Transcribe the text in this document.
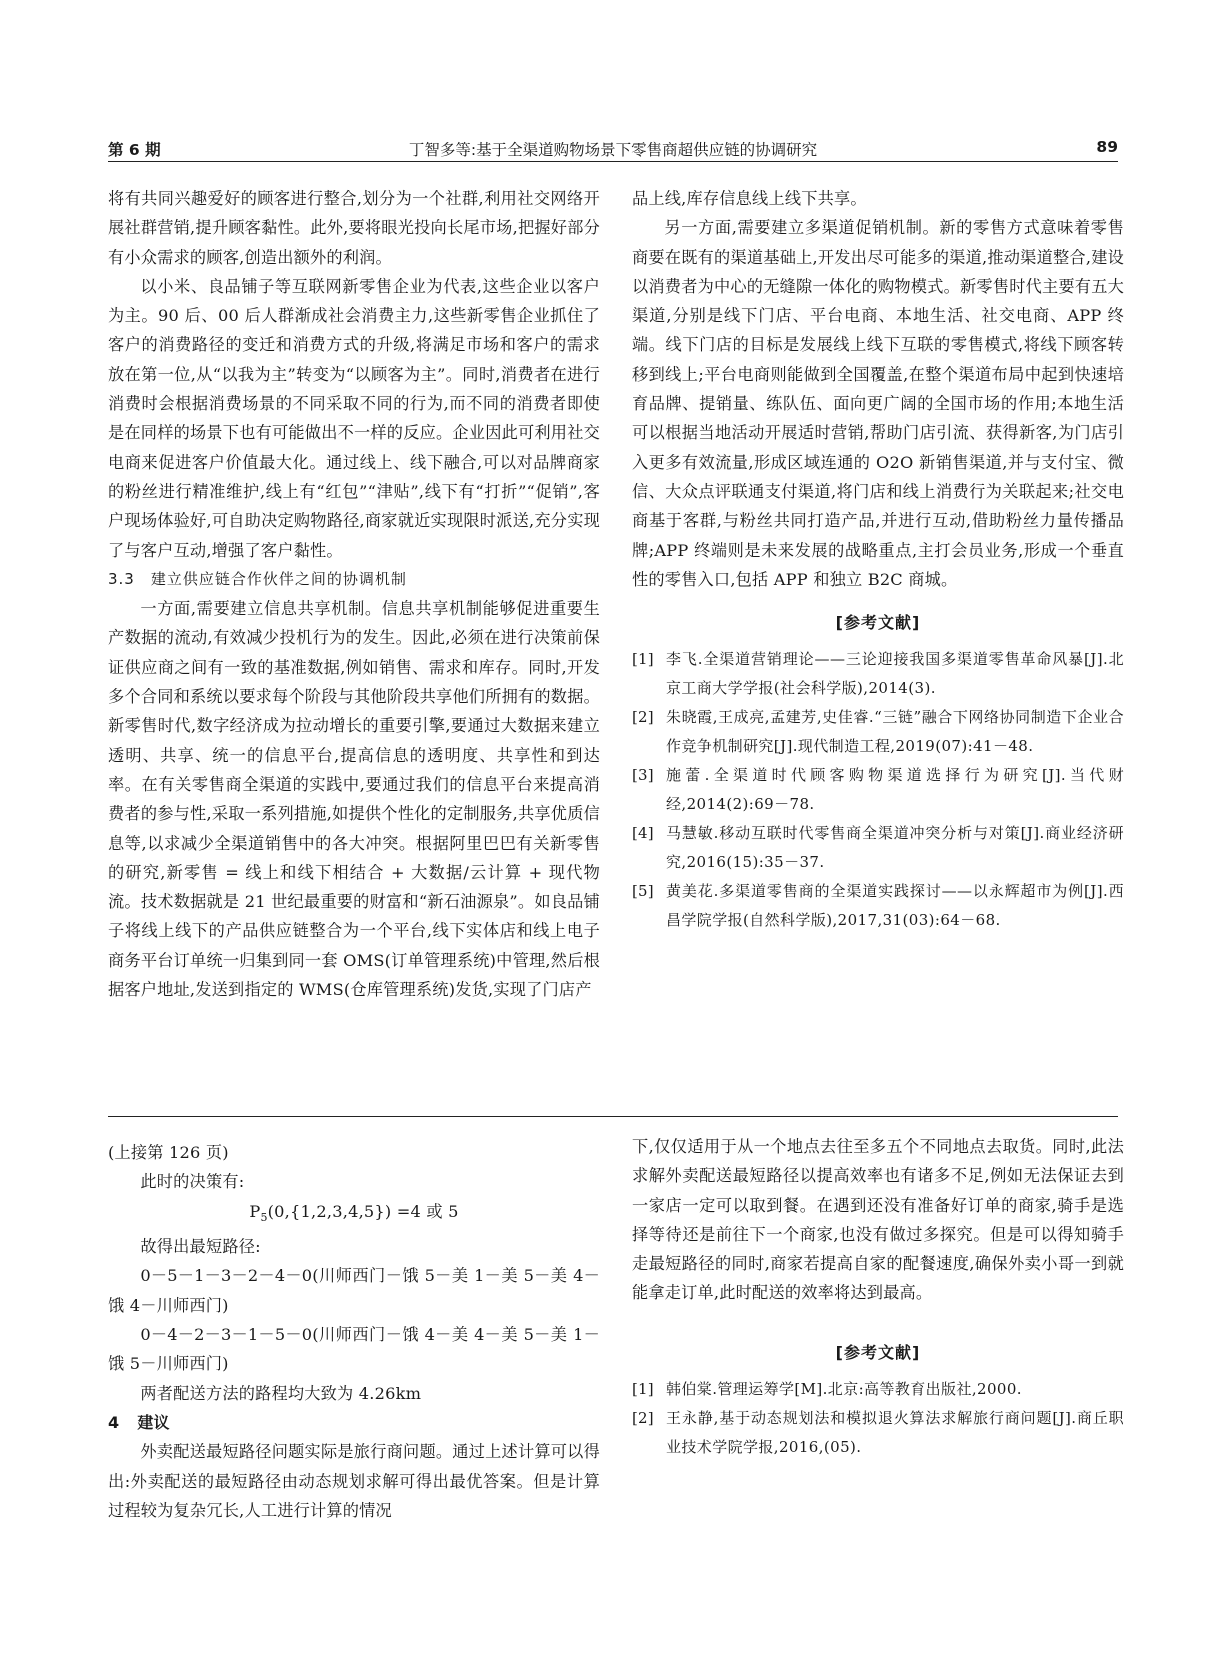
第 6 期	丁智多等:基于全渠道购物场景下零售商超供应链的协调研究	89
将有共同兴趣爱好的顾客进行整合,划分为一个社群,利用社交网络开展社群营销,提升顾客黏性。此外,要将眼光投向长尾市场,把握好部分有小众需求的顾客,创造出额外的利润。
以小米、良品铺子等互联网新零售企业为代表,这些企业以客户为主。90 后、00 后人群渐成社会消费主力,这些新零售企业抓住了客户的消费路径的变迁和消费方式的升级,将满足市场和客户的需求放在第一位,从“以我为主”转变为“以顾客为主”。同时,消费者在进行消费时会根据消费场景的不同采取不同的行为,而不同的消费者即使是在同样的场景下也有可能做出不一样的反应。企业因此可利用社交电商来促进客户价值最大化。通过线上、线下融合,可以对品牌商家的粉丝进行精准维护,线上有“红包”“津贴”,线下有“打折”“促销”,客户现场体验好,可自助决定购物路径,商家就近实现限时派送,充分实现了与客户互动,增强了客户黏性。
3.3　建立供应链合作伙伴之间的协调机制
一方面,需要建立信息共享机制。信息共享机制能够促进重要生产数据的流动,有效减少投机行为的发生。因此,必须在进行决策前保证供应商之间有一致的基准数据,例如销售、需求和库存。同时,开发多个合同和系统以要求每个阶段与其他阶段共享他们所拥有的数据。新零售时代,数字经济成为拉动增长的重要引擎,要通过大数据来建立透明、共享、统一的信息平台,提高信息的透明度、共享性和到达率。在有关零售商全渠道的实践中,要通过我们的信息平台来提高消费者的参与性,采取一系列措施,如提供个性化的定制服务,共享优质信息等,以求减少全渠道销售中的各大冲突。根据阿里巴巴有关新零售的研究,新零售 = 线上和线下相结合 + 大数据/云计算 + 现代物流。技术数据就是 21 世纪最重要的财富和“新石油源泉”。如良品铺子将线上线下的产品供应链整合为一个平台,线下实体店和线上电子商务平台订单统一归集到同一套 OMS(订单管理系统)中管理,然后根据客户地址,发送到指定的 WMS(仓库管理系统)发货,实现了门店产
品上线,库存信息线上线下共享。
另一方面,需要建立多渠道促销机制。新的零售方式意味着零售商要在既有的渠道基础上,开发出尽可能多的渠道,推动渠道整合,建设以消费者为中心的无缝隙一体化的购物模式。新零售时代主要有五大渠道,分别是线下门店、平台电商、本地生活、社交电商、APP 终端。线下门店的目标是发展线上线下互联的零售模式,将线下顾客转移到线上;平台电商则能做到全国覆盖,在整个渠道布局中起到快速培育品牌、提销量、练队伍、面向更广阔的全国市场的作用;本地生活可以根据当地活动开展适时营销,帮助门店引流、获得新客,为门店引入更多有效流量,形成区域连通的 O2O 新销售渠道,并与支付宝、微信、大众点评联通支付渠道,将门店和线上消费行为关联起来;社交电商基于客群,与粉丝共同打造产品,并进行互动,借助粉丝力量传播品牌;APP 终端则是未来发展的战略重点,主打会员业务,形成一个垂直性的零售入口,包括 APP 和独立 B2C 商城。
[参考文献]
[1] 李飞.全渠道营销理论——三论迎接我国多渠道零售革命风暴[J].北京工商大学学报(社会科学版),2014(3).
[2] 朱晓霞,王成亮,孟建芳,史佳睿.“三链”融合下网络协同制造下企业合作竞争机制研究[J].现代制造工程,2019(07):41－48.
[3] 施蕾.全渠道时代顾客购物渠道选择行为研究[J].当代财经,2014(2):69－78.
[4] 马慧敏.移动互联时代零售商全渠道冲突分析与对策[J].商业经济研究,2016(15):35－37.
[5] 黄美花.多渠道零售商的全渠道实践探讨——以永辉超市为例[J].西昌学院学报(自然科学版),2017,31(03):64－68.
(上接第 126 页)
此时的决策有:
$P_5(0,\{1,2,3,4,5\}) =4$ 或 5
故得出最短路径:
0－5－1－3－2－4－0(川师西门－饿 5－美 1－美 5－美 4－饿 4－川师西门)
0－4－2－3－1－5－0(川师西门－饿 4－美 4－美 5－美 1－饿 5－川师西门)
两者配送方法的路程均大致为 4.26km
4 建议
外卖配送最短路径问题实际是旅行商问题。通过上述计算可以得出:外卖配送的最短路径由动态规划求解可得出最优答案。但是计算过程较为复杂冗长,人工进行计算的情况
下,仅仅适用于从一个地点去往至多五个不同地点去取货。同时,此法求解外卖配送最短路径以提高效率也有诸多不足,例如无法保证去到一家店一定可以取到餐。在遇到还没有准备好订单的商家,骑手是选择等待还是前往下一个商家,也没有做过多探究。但是可以得知骑手走最短路径的同时,商家若提高自家的配餐速度,确保外卖小哥一到就能拿走订单,此时配送的效率将达到最高。
[参考文献]
[1] 韩伯棠.管理运筹学[M].北京:高等教育出版社,2000.
[2] 王永静,基于动态规划法和模拟退火算法求解旅行商问题[J].商丘职业技术学院学报,2016,(05).
